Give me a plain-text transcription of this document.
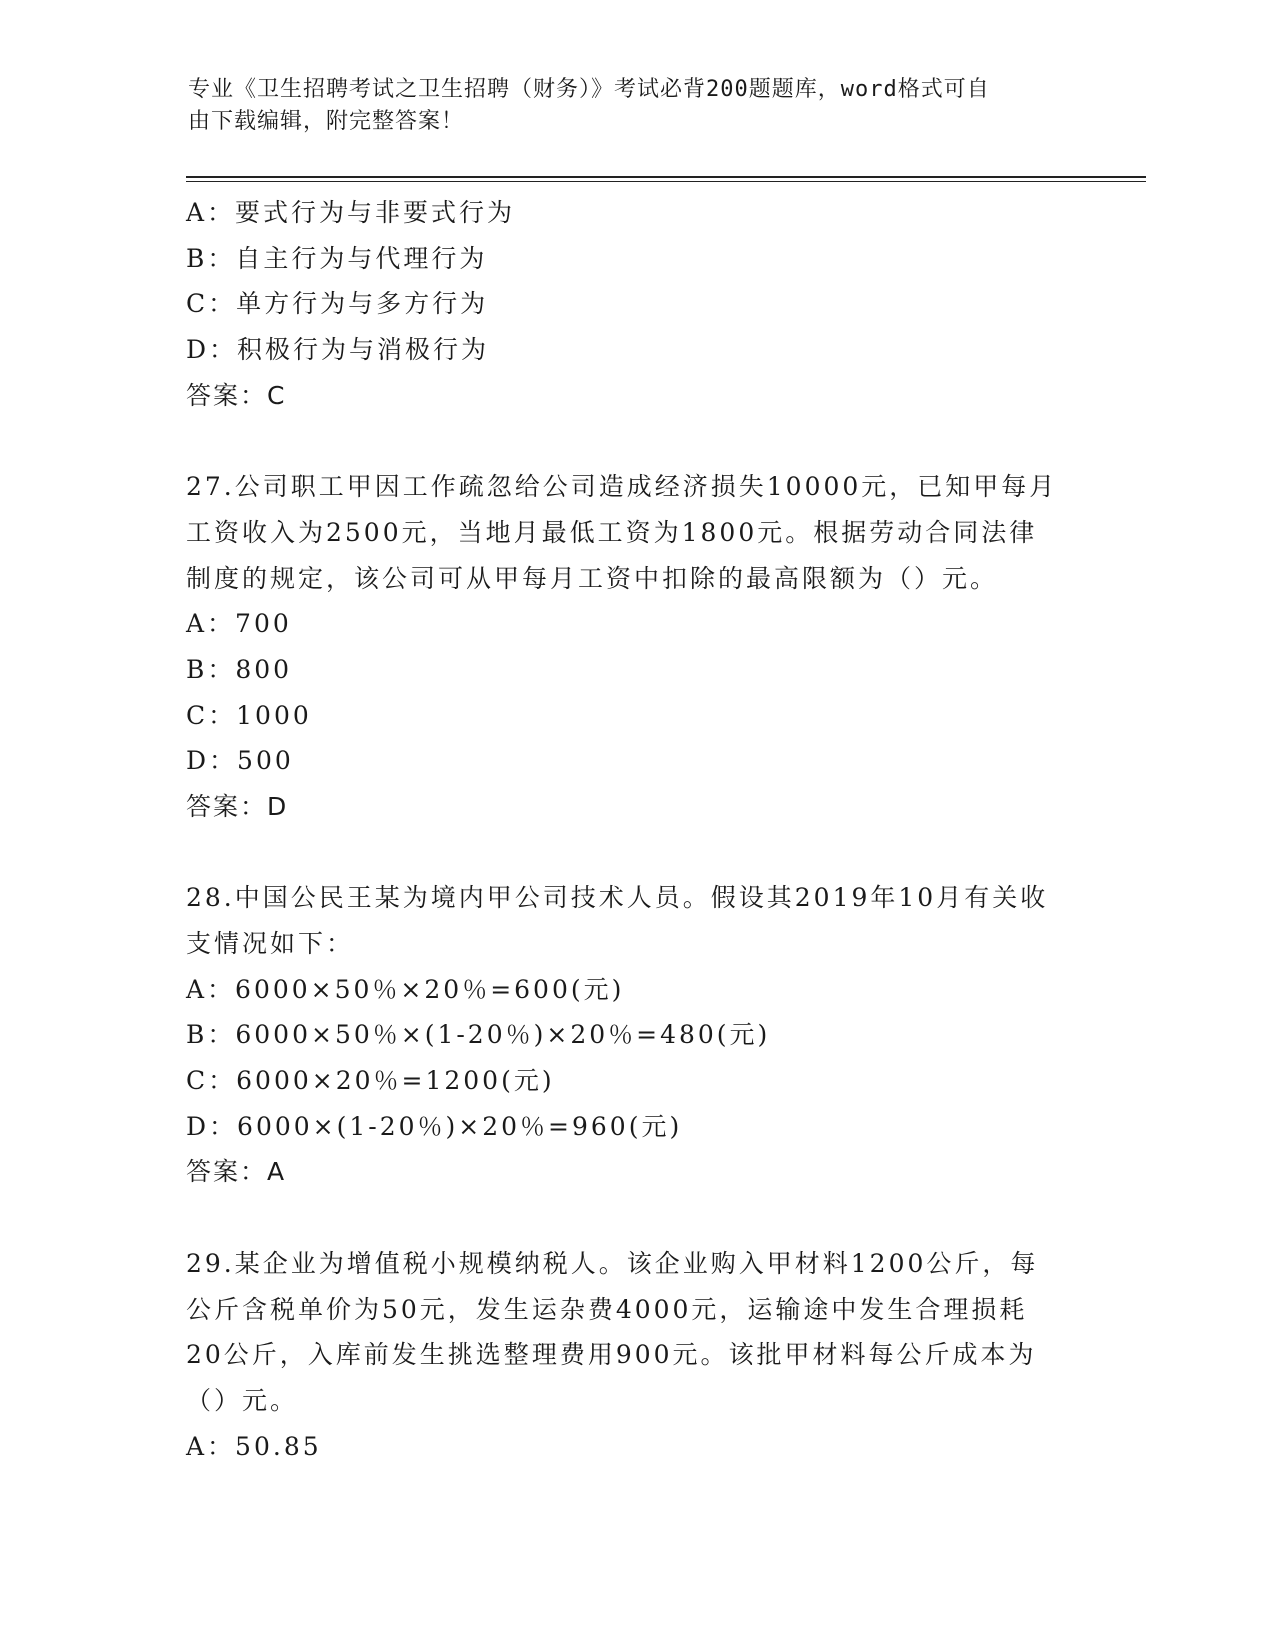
专业《卫生招聘考试之卫生招聘（财务）》考试必背200题题库，word格式可自
由下载编辑，附完整答案！
A：要式行为与非要式行为
B：自主行为与代理行为
C：单方行为与多方行为
D：积极行为与消极行为
答案：C
27.公司职工甲因工作疏忽给公司造成经济损失10000元，已知甲每月
工资收入为2500元，当地月最低工资为1800元。根据劳动合同法律
制度的规定，该公司可从甲每月工资中扣除的最高限额为（）元。
A：700
B：800
C：1000
D：500
答案：D
28.中国公民王某为境内甲公司技术人员。假设其2019年10月有关收
支情况如下：
A：6000×50％×20％=600(元)
B：6000×50％×(1-20％)×20％=480(元)
C：6000×20％=1200(元)
D：6000×(1-20％)×20％=960(元)
答案：A
29.某企业为增值税小规模纳税人。该企业购入甲材料1200公斤，每
公斤含税单价为50元，发生运杂费4000元，运输途中发生合理损耗
20公斤，入库前发生挑选整理费用900元。该批甲材料每公斤成本为
（）元。
A：50.85
